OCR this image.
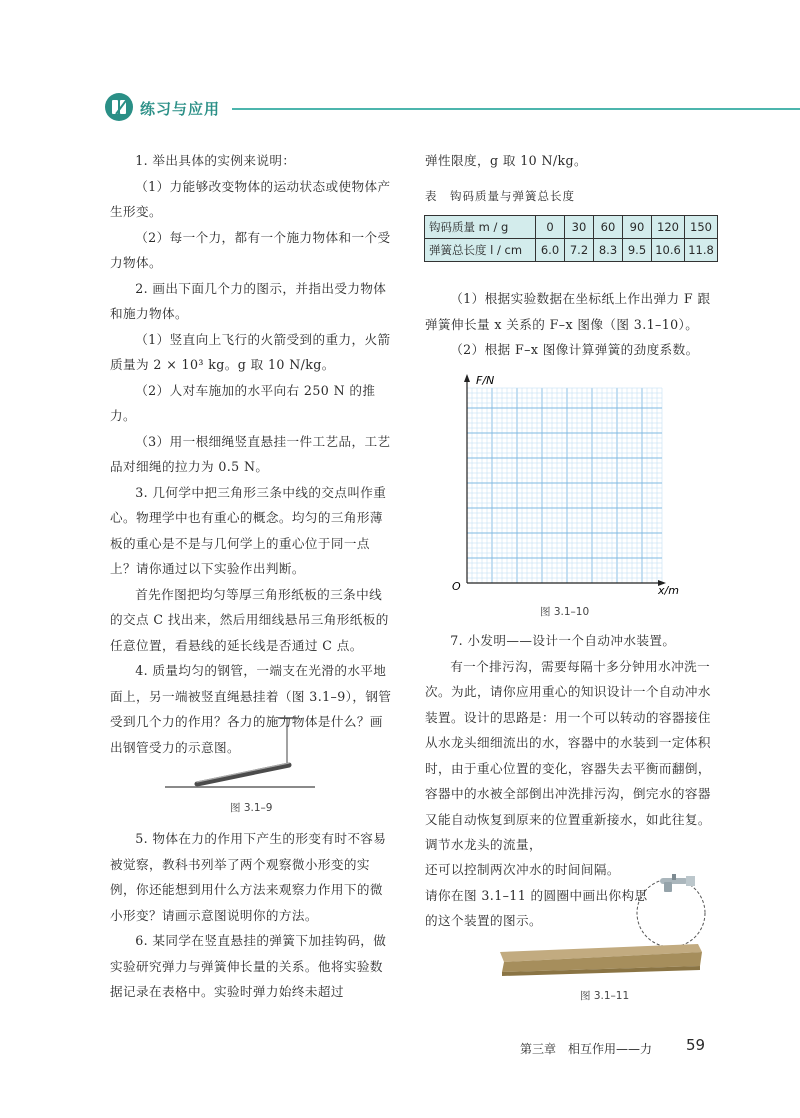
练习与应用

1. 举出具体的实例来说明：

（1）力能够改变物体的运动状态或使物体产生形变。

（2）每一个力，都有一个施力物体和一个受力物体。

2. 画出下面几个力的图示，并指出受力物体和施力物体。

（1）竖直向上飞行的火箭受到的重力，火箭质量为 2 × 10³ kg。g 取 10 N/kg。

（2）人对车施加的水平向右 250 N 的推力。

（3）用一根细绳竖直悬挂一件工艺品，工艺品对细绳的拉力为 0.5 N。

3. 几何学中把三角形三条中线的交点叫作重心。物理学中也有重心的概念。均匀的三角形薄板的重心是不是与几何学上的重心位于同一点上？请你通过以下实验作出判断。

首先作图把均匀等厚三角形纸板的三条中线的交点 C 找出来，然后用细线悬吊三角形纸板的任意位置，看悬线的延长线是否通过 C 点。

4. 质量均匀的钢管，一端支在光滑的水平地面上，另一端被竖直绳悬挂着（图 3.1–9），钢管受到几个力的作用？各力的施力物体是什么？画出钢管受力的示意图。

图 3.1–9

5. 物体在力的作用下产生的形变有时不容易被觉察，教科书列举了两个观察微小形变的实例，你还能想到用什么方法来观察力作用下的微小形变？请画示意图说明你的方法。

6. 某同学在竖直悬挂的弹簧下加挂钩码，做实验研究弹力与弹簧伸长量的关系。他将实验数据记录在表格中。实验时弹力始终未超过

弹性限度，g 取 10 N/kg。

表　钩码质量与弹簧总长度
钩码质量 m / g	0	30	60	90	120	150
弹簧总长度 l / cm	6.0	7.2	8.3	9.5	10.6	11.8

（1）根据实验数据在坐标纸上作出弹力 F 跟弹簧伸长量 x 关系的 F–x 图像（图 3.1–10）。

（2）根据 F–x 图像计算弹簧的劲度系数。

F/N
O	x/m
图 3.1–10

7. 小发明——设计一个自动冲水装置。

有一个排污沟，需要每隔十多分钟用水冲洗一次。为此，请你应用重心的知识设计一个自动冲水装置。设计的思路是：用一个可以转动的容器接住从水龙头细细流出的水，容器中的水装到一定体积时，由于重心位置的变化，容器失去平衡而翻倒，容器中的水被全部倒出冲洗排污沟，倒完水的容器又能自动恢复到原来的位置重新接水，如此往复。调节水龙头的流量，

还可以控制两次冲水的时间间隔。

请你在图 3.1–11 的圆圈中画出你构思的这个装置的图示。

图 3.1–11
第三章　相互作用——力 59
